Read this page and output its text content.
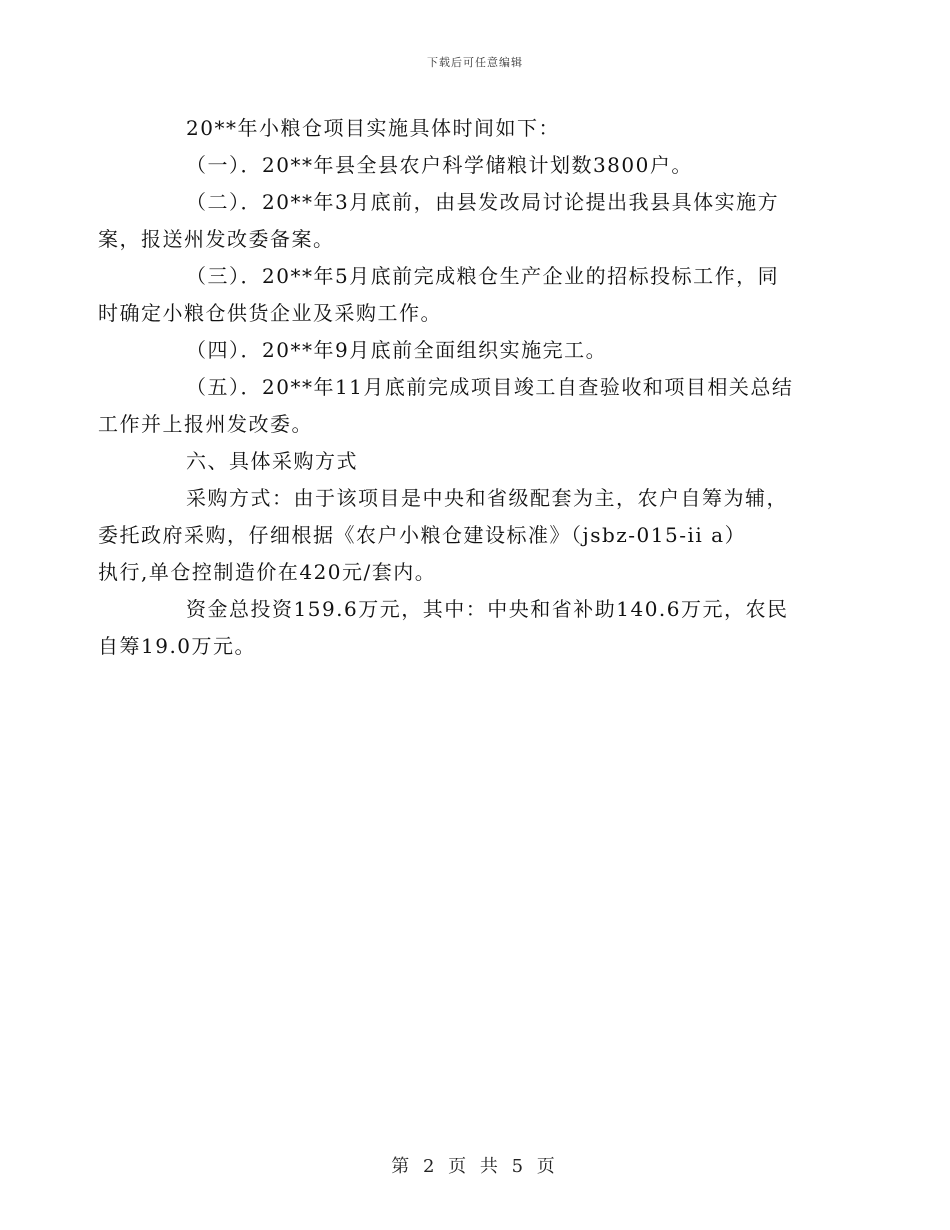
下载后可任意编辑

20**年小粮仓项目实施具体时间如下：

（一）．20**年县全县农户科学储粮计划数3800户。

（二）．20**年3月底前，由县发改局讨论提出我县具体实施方
案，报送州发改委备案。

（三）．20**年5月底前完成粮仓生产企业的招标投标工作，同
时确定小粮仓供货企业及采购工作。

（四）．20**年9月底前全面组织实施完工。

（五）．20**年11月底前完成项目竣工自查验收和项目相关总结
工作并上报州发改委。

六、具体采购方式

采购方式：由于该项目是中央和省级配套为主，农户自筹为辅，
委托政府采购，仔细根据《农户小粮仓建设标准》（jsbz-015-ii a）
执行,单仓控制造价在420元/套内。

资金总投资159.6万元，其中：中央和省补助140.6万元，农民
自筹19.0万元。

第 2 页 共 5 页
